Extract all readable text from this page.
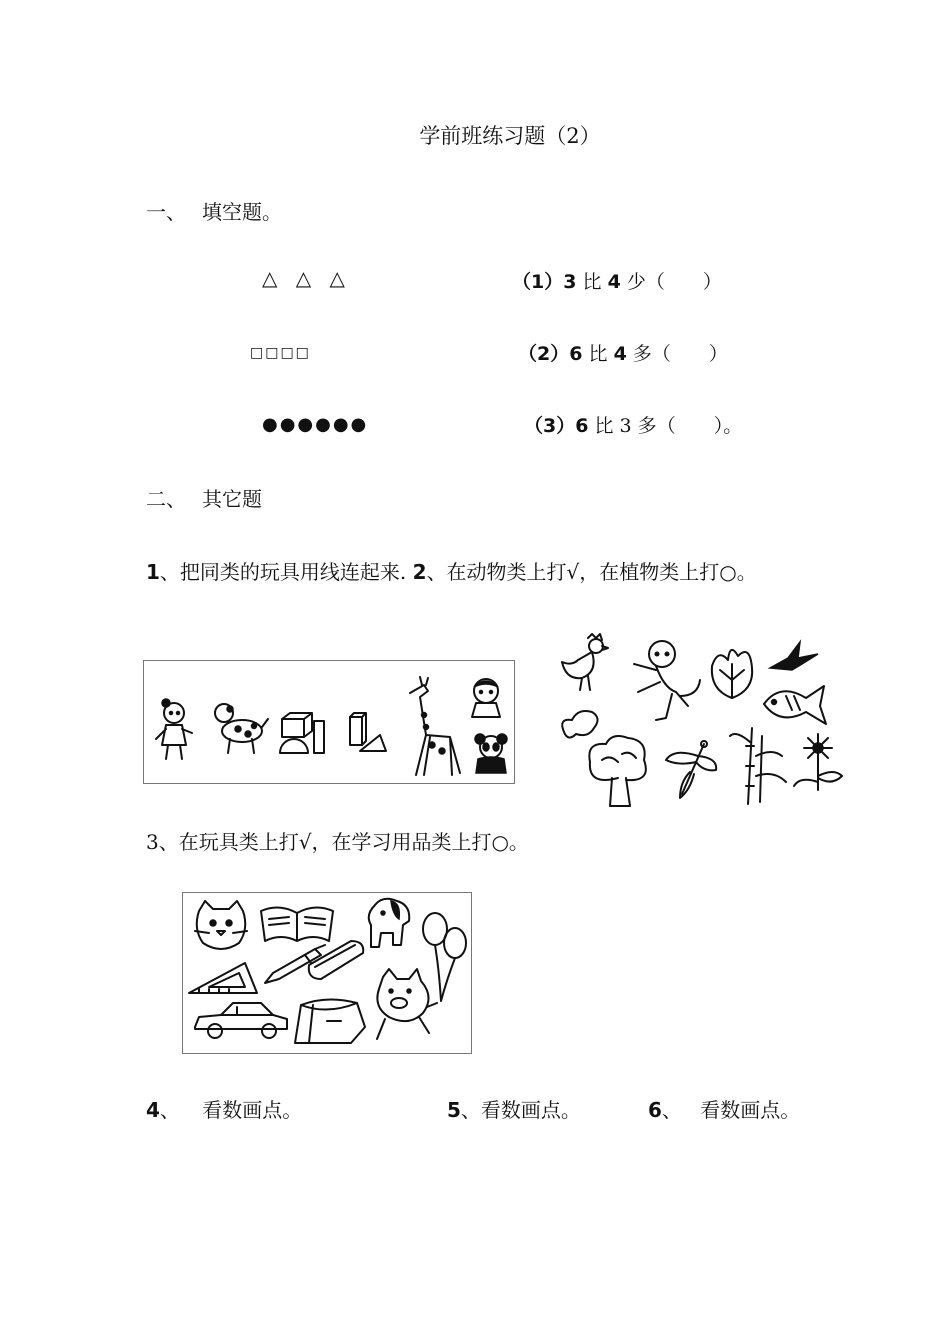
学前班练习题（2）
一、 填空题。
△ △ △	（1）3 比 4 少（　　）
□□□□	（2）6 比 4 多（　　）
●●●●●●	（3）6 比 3 多（　　）。
二、 其它题
1、把同类的玩具用线连起来. 2、在动物类上打√，在植物类上打○。
3、在玩具类上打√，在学习用品类上打○。
4、 看数画点。	5、看数画点。	6、 看数画点。
